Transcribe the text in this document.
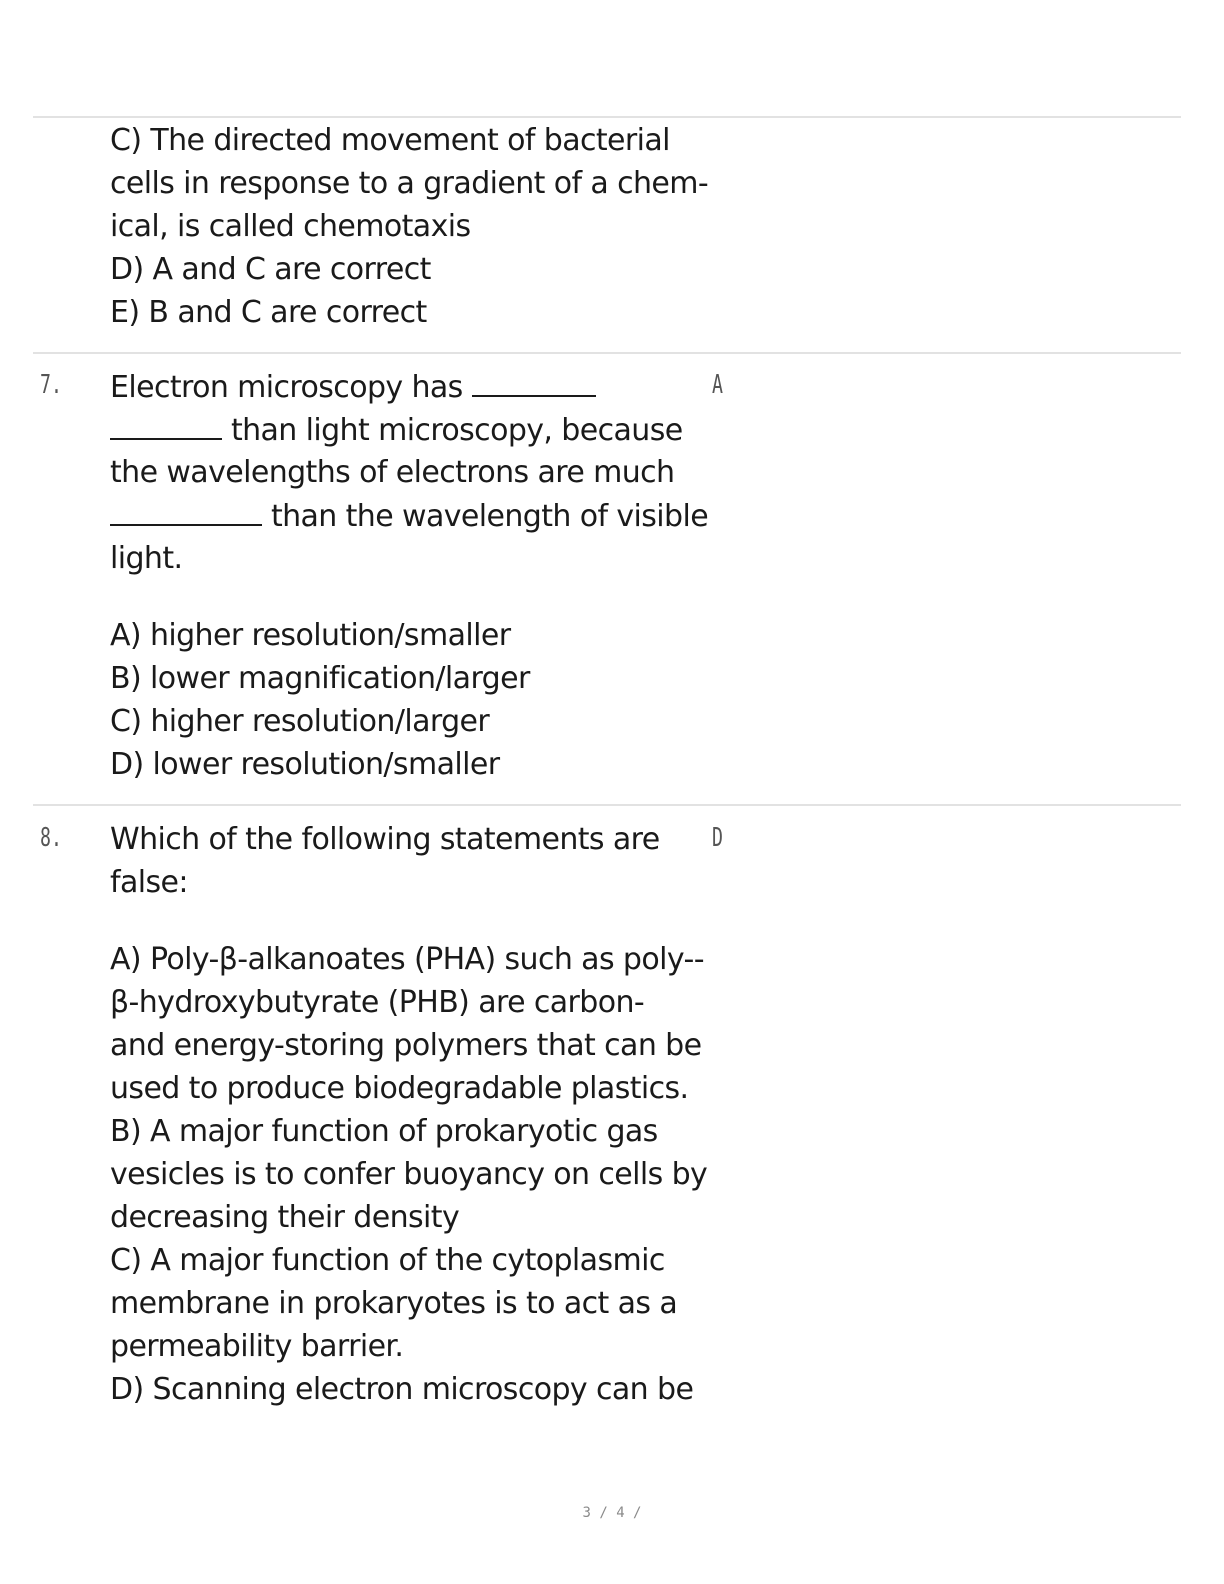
C) The directed movement of bacterial
cells in response to a gradient of a chem-
ical, is called chemotaxis
D) A and C are correct
E) B and C are correct
7.	A
Electron microscopy has
than light microscopy, because
the wavelengths of electrons are much
than the wavelength of visible
light.
A) higher resolution/smaller
B) lower magnification/larger
C) higher resolution/larger
D) lower resolution/smaller
8.	D
Which of the following statements are
false:
A) Poly-β-alkanoates (PHA) such as poly--
β-hydroxybutyrate (PHB) are carbon-
and energy-storing polymers that can be
used to produce biodegradable plastics.
B) A major function of prokaryotic gas
vesicles is to confer buoyancy on cells by
decreasing their density
C) A major function of the cytoplasmic
membrane in prokaryotes is to act as a
permeability barrier.
D) Scanning electron microscopy can be
3 / 4 /
